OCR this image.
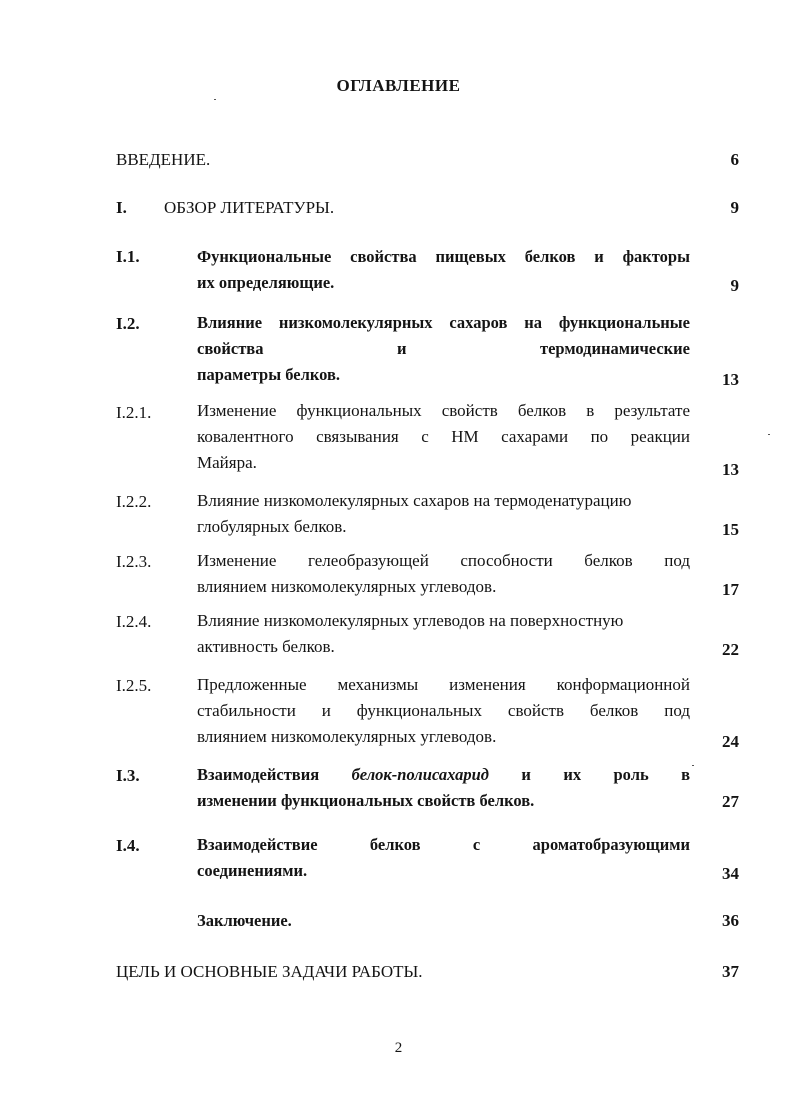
ОГЛАВЛЕНИЕ
ВВЕДЕНИЕ.	6
I. ОБЗОР ЛИТЕРАТУРЫ.	9
I.1.	Функциональные свойства пищевых белков и факторы
их определяющие.	9
I.2.	Влияние низкомолекулярных сахаров на функциональные свойства и термодинамические
параметры белков.	13
I.2.1.	Изменение функциональных свойств белков в результате ковалентного связывания с НМ сахарами по реакции
Майяра.	13
I.2.2.	Влияние низкомолекулярных сахаров на термоденатурацию
глобулярных белков.	15
I.2.3.	Изменение гелеобразующей способности белков под
влиянием низкомолекулярных углеводов.	17
I.2.4.	Влияние низкомолекулярных углеводов на поверхностную
активность белков.	22
I.2.5.	Предложенные механизмы изменения конформационной стабильности и функциональных свойств белков под
влиянием низкомолекулярных углеводов.	24
I.3.	Взаимодействия белок-полисахарид и их роль в
изменении функциональных свойств белков.	27
I.4.	Взаимодействие белков с ароматобразующими
соединениями.	34
Заключение.	36
ЦЕЛЬ И ОСНОВНЫЕ ЗАДАЧИ РАБОТЫ.	37
2
